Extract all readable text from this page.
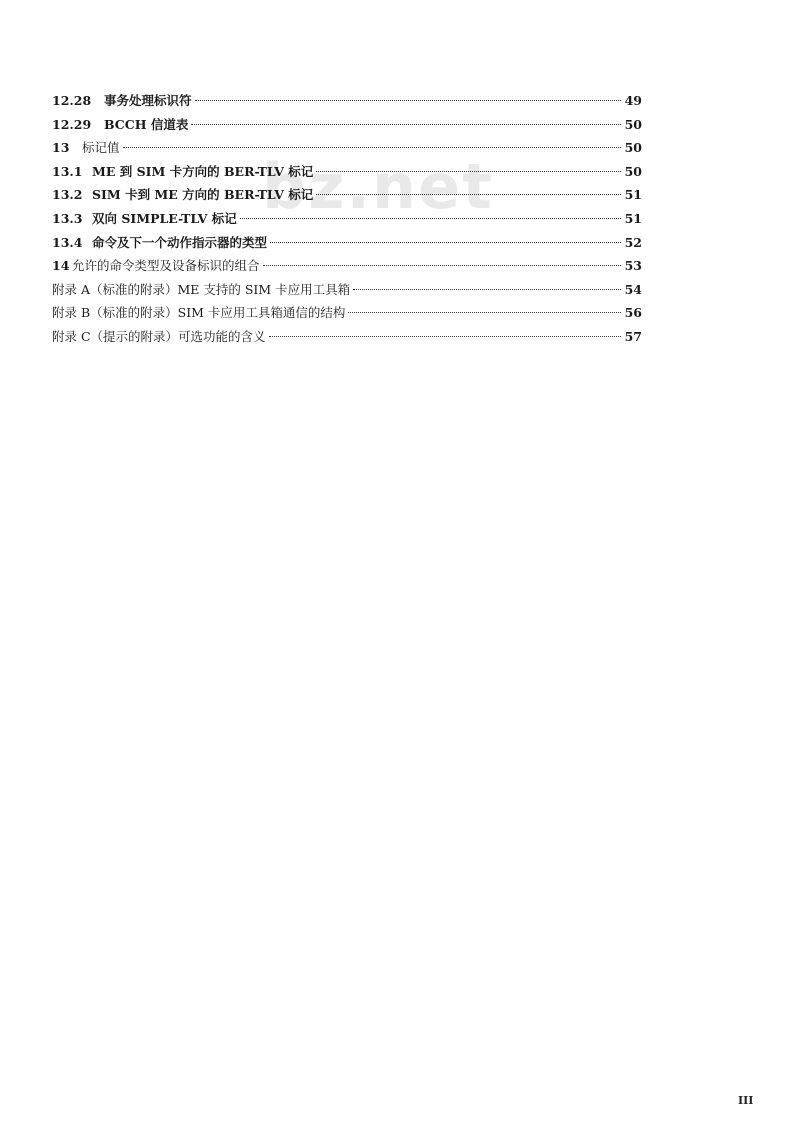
bz.net
12.28	事务处理标识符	49
12.29	BCCH 信道表	50
13	标记值	50
13.1 ME 到 SIM 卡方向的 BER-TLV 标记	50
13.2 SIM 卡到 ME 方向的 BER-TLV 标记	51
13.3 双向 SIMPLE-TLV 标记	51
13.4 命令及下一个动作指示器的类型	52
14 允许的命令类型及设备标识的组合	53
附录 A（标准的附录）ME 支持的 SIM 卡应用工具箱	54
附录 B（标准的附录）SIM 卡应用工具箱通信的结构	56
附录 C（提示的附录）可选功能的含义	57
III
